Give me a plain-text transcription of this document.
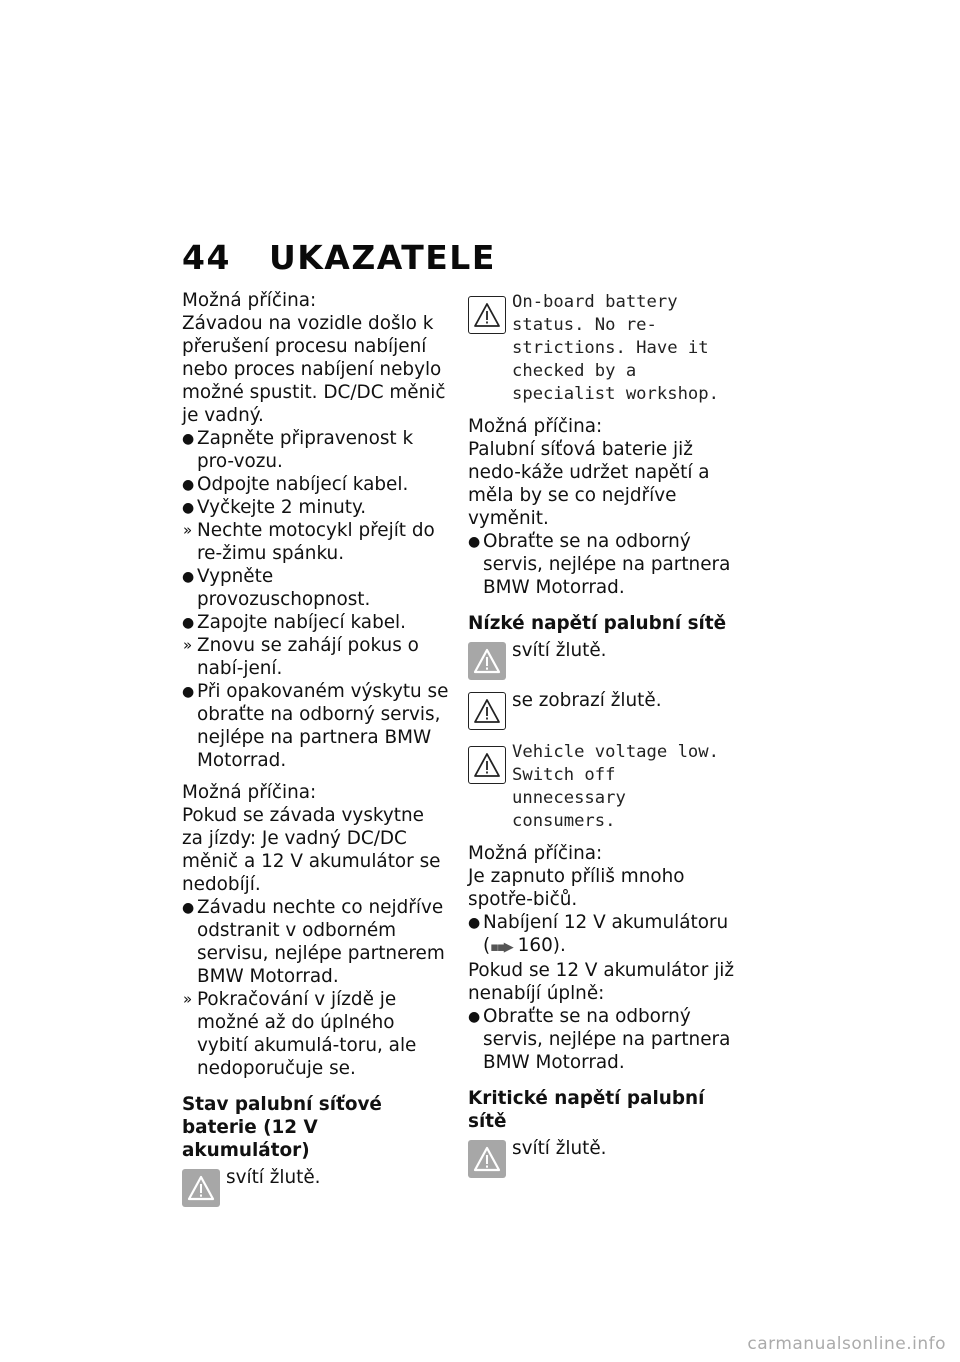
44 UKAZATELE
Možná příčina:
Závadou na vozidle došlo k přerušení procesu nabíjení nebo proces nabíjení nebylo možné spustit. DC/DC měnič je vadný.
● Zapněte připravenost k pro-vozu.
● Odpojte nabíjecí kabel.
● Vyčkejte 2 minuty.
» Nechte motocykl přejít do re-žimu spánku.
● Vypněte provozuschopnost.
● Zapojte nabíjecí kabel.
» Znovu se zahájí pokus o nabí-jení.
● Při opakovaném výskytu se obraťte na odborný servis, nejlépe na partnera BMW Motorrad.
Možná příčina:
Pokud se závada vyskytne za jízdy: Je vadný DC/DC měnič a 12 V akumulátor se nedobíjí.
● Závadu nechte co nejdříve odstranit v odborném servisu, nejlépe partnerem BMW Motorrad.
» Pokračování v jízdě je možné až do úplného vybití akumulá-toru, ale nedoporučuje se.
Stav palubní síťové baterie (12 V akumulátor)
svítí žlutě.
On-board battery status. No re-strictions. Have it checked by a specialist workshop.
Možná příčina:
Palubní síťová baterie již nedo-káže udržet napětí a měla by se co nejdříve vyměnit.
● Obraťte se na odborný servis, nejlépe na partnera BMW Motorrad.
Nízké napětí palubní sítě
svítí žlutě.
se zobrazí žlutě.
Vehicle voltage low. Switch off unnecessary consumers.
Možná příčina:
Je zapnuto příliš mnoho spotře-bičů.
● Nabíjení 12 V akumulátoru
(▪▪▶ 160).
Pokud se 12 V akumulátor již nenabíjí úplně:
● Obraťte se na odborný servis, nejlépe na partnera BMW Motorrad.
Kritické napětí palubní sítě
svítí žlutě.
carmanualsonline.info
